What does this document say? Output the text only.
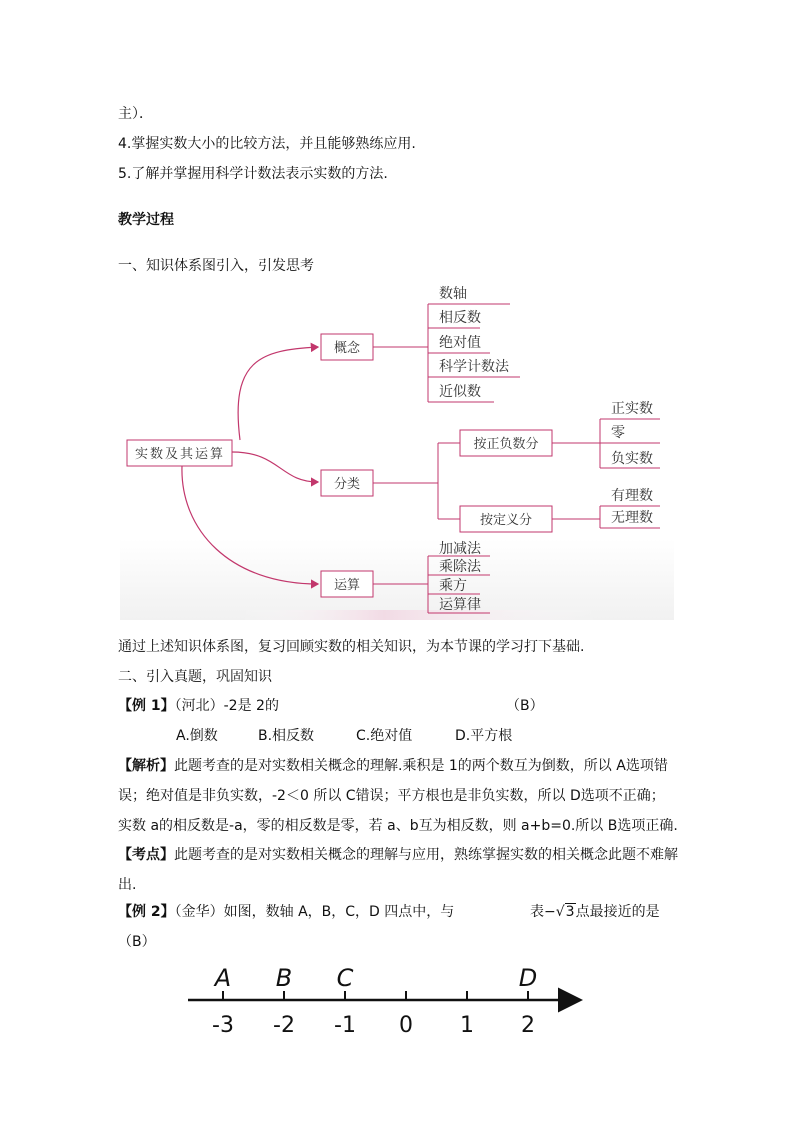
主）．
4.掌握实数大小的比较方法，并且能够熟练应用.
5.了解并掌握用科学计数法表示实数的方法.
教学过程
一、知识体系图引入，引发思考
实数及其运算
概念
数轴
相反数
绝对值
科学计数法
近似数
分类
按正负数分
正实数
零
负实数
按定义分
有理数
无理数
运算
加减法
乘除法
乘方
运算律
通过上述知识体系图，复习回顾实数的相关知识，为本节课的学习打下基础.
二、引入真题，巩固知识
【例 1】（河北）-2是 2的	（B）
A.倒数	B.相反数	C.绝对值	D.平方根
【解析】此题考查的是对实数相关概念的理解.乘积是 1的两个数互为倒数，所以 A选项错误；绝对值是非负实数，-2＜0 所以 C错误；平方根也是非负实数，所以 D选项不正确；实数 a的相反数是-a，零的相反数是零，若 a、b互为相反数，则 a+b=0.所以 B选项正确.
【考点】此题考查的是对实数相关概念的理解与应用，熟练掌握实数的相关概念此题不难解出.
【例 2】（金华）如图，数轴 A，B，C，D 四点中，与	表−√3点最接近的是
（B）
-3 -2 -1 0 1 2
A B C	D
